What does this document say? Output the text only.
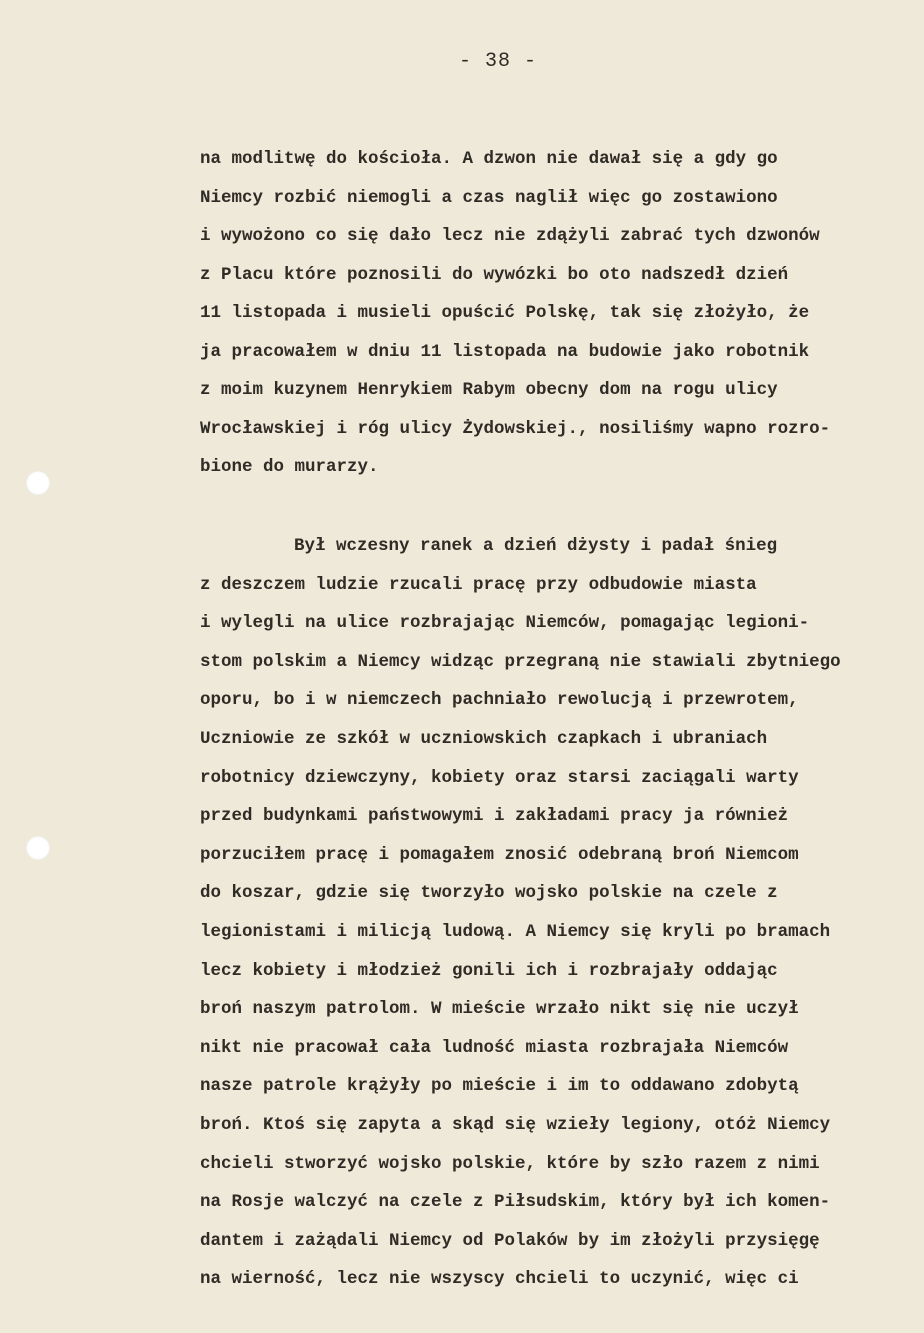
- 38 -
na modlitwę do kościoła. A dzwon nie dawał się a gdy go
Niemcy rozbić niemogli a czas naglił więc go zostawiono
i wywożono co się dało lecz nie zdążyli zabrać tych dzwonów
z Placu które poznosili do wywózki bo oto nadszedł dzień
11 listopada i musieli opuścić Polskę, tak się złożyło, że
ja pracowałem w dniu 11 listopada na budowie jako robotnik
z moim kuzynem Henrykiem Rabym obecny dom na rogu ulicy
Wrocławskiej i róg ulicy Żydowskiej., nosiliśmy wapno rozro-
bione do murarzy.
Był wczesny ranek a dzień dżysty i padał śnieg
z deszczem ludzie rzucali pracę przy odbudowie miasta
i wylegli na ulice rozbrajając Niemców, pomagając legioni-
stom polskim a Niemcy widząc przegraną nie stawiali zbytniego
oporu, bo i w niemczech pachniało rewolucją i przewrotem,
Uczniowie ze szkół w uczniowskich czapkach i ubraniach
robotnicy dziewczyny, kobiety oraz starsi zaciągali warty
przed budynkami państwowymi i zakładami pracy ja również
porzuciłem pracę i pomagałem znosić odebraną broń Niemcom
do koszar, gdzie się tworzyło wojsko polskie na czele z
legionistami i milicją ludową. A Niemcy się kryli po bramach
lecz kobiety i młodzież gonili ich i rozbrajały oddając
broń naszym patrolom. W mieście wrzało nikt się nie uczył
nikt nie pracował cała ludność miasta rozbrajała Niemców
nasze patrole krążyły po mieście i im to oddawano zdobytą
broń. Ktoś się zapyta a skąd się wzieły legiony, otóż Niemcy
chcieli stworzyć wojsko polskie, które by szło razem z nimi
na Rosje walczyć na czele z Piłsudskim, który był ich komen-
dantem i zażądali Niemcy od Polaków by im złożyli przysięgę
na wierność, lecz nie wszyscy chcieli to uczynić, więc ci
